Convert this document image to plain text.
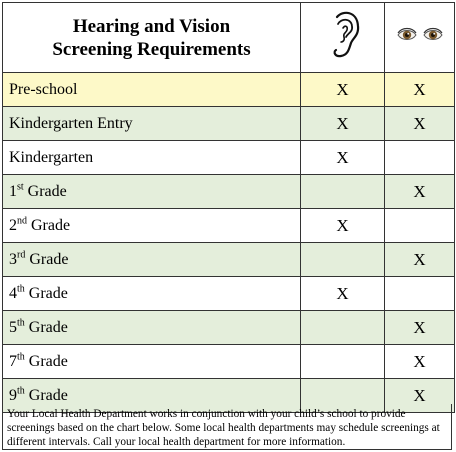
Hearing and Vision
Screening Requirements

Pre-school	X	X
Kindergarten Entry	X	X
Kindergarten	X	
1st Grade		X
2nd Grade	X	
3rd Grade		X
4th Grade	X	
5th Grade		X
7th Grade		X
9th Grade		X
Your Local Health Department works in conjunction with your child’s school to provide screenings based on the chart below. Some local health departments may schedule screenings at different intervals. Call your local health department for more information.
